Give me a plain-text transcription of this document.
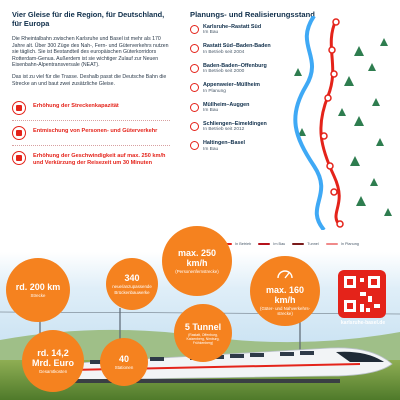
Vier Gleise für die Region, für Deutschland, für Europa

Die Rheintalbahn zwischen Karlsruhe und Basel ist mehr als 170 Jahre alt. Über 300 Züge des Nah-, Fern- und Güterverkehrs nutzen sie täglich. Sie ist Bestandteil des europäischen Güterkorridors Rotterdam-Genua. Außerdem ist sie wichtiger Zulauf zur Neuen Eisenbahn-Alpentransversale (NEAT).

Das ist zu viel für die Trasse. Deshalb passt die Deutsche Bahn die Strecke an und baut zwei zusätzliche Gleise.

Erhöhung der Streckenkapazität
Entmischung von Personen- und Güterverkehr
Erhöhung der Geschwindigkeit auf max. 250 km/h und Verkürzung der Reisezeit um 30 Minuten
Planungs- und Realisierungsstand
Karlsruhe–Rastatt Süd
Im Bau
Rastatt Süd–Baden-Baden
In Betrieb seit 2004
Baden-Baden–Offenburg
In Betrieb seit 2000
Appenweier–Müllheim
In Planung
Müllheim–Auggen
Im Bau
Schliengen–Eimeldingen
In Betrieb seit 2012
Haltingen–Basel
Im Bau
In Betrieb	Im Bau	Tunnel	In Planung
rd. 200 km
Strecke
340
neue/anzupassende Brückenbauwerke
max. 250 km/h
(Personenfernstrecke)
max. 160 km/h
(Güter- und Nahverkehrsstrecke)
rd. 14,2 Mrd. Euro
Gesamtkosten
40
Stationen
5 Tunnel
(Rastatt, Offenburg, Katzenberg, Nimburg, Frühkenberg)
karlsruhe-basel.de
